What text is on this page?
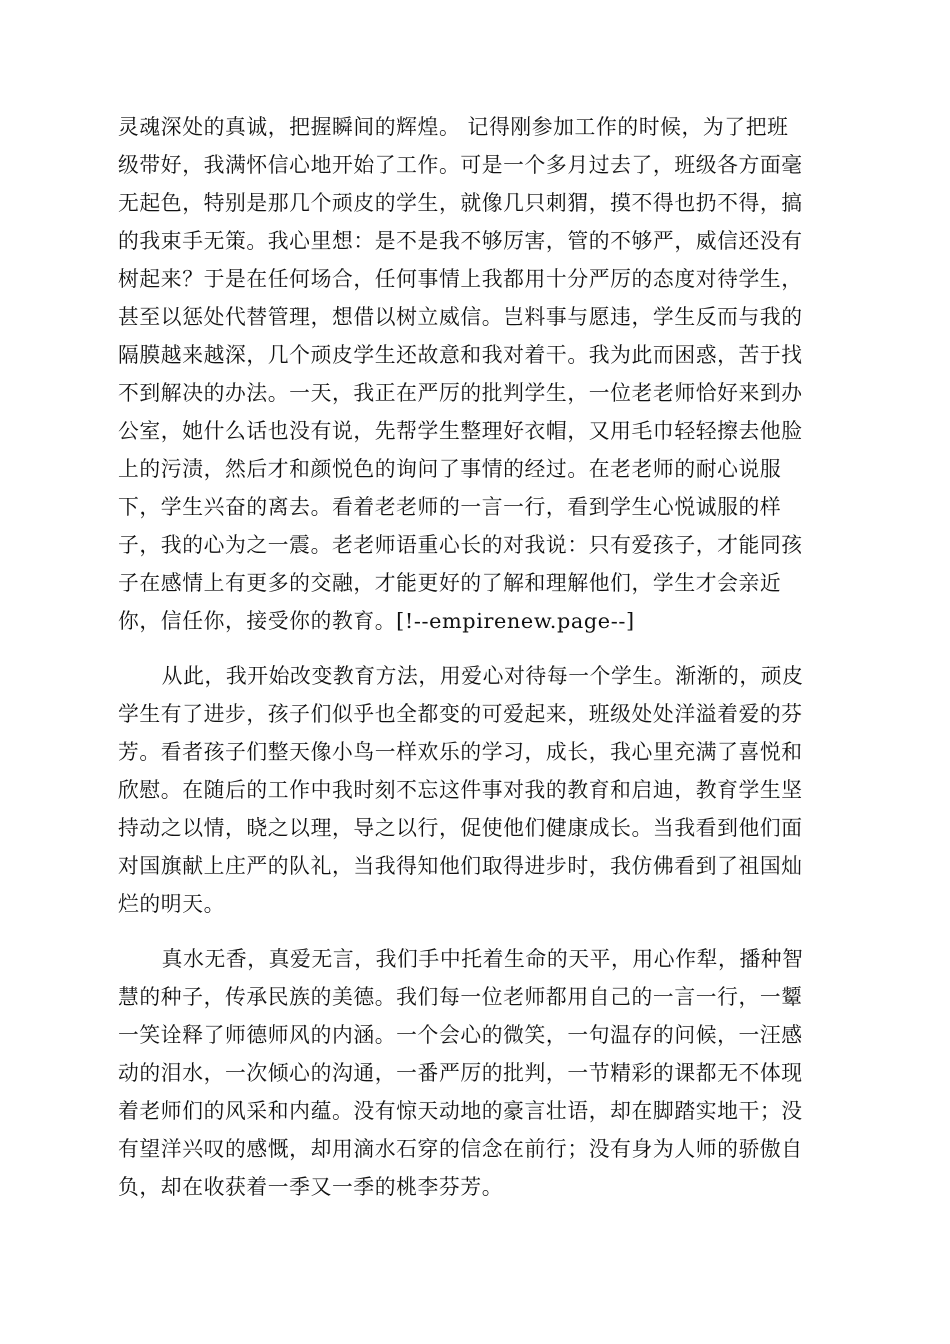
灵魂深处的真诚，把握瞬间的辉煌。 记得刚参加工作的时候，为了把班
级带好，我满怀信心地开始了工作。可是一个多月过去了，班级各方面毫
无起色，特别是那几个顽皮的学生，就像几只刺猬，摸不得也扔不得，搞
的我束手无策。我心里想：是不是我不够厉害，管的不够严，威信还没有
树起来？于是在任何场合，任何事情上我都用十分严厉的态度对待学生，
甚至以惩处代替管理，想借以树立威信。岂料事与愿违，学生反而与我的
隔膜越来越深，几个顽皮学生还故意和我对着干。我为此而困惑，苦于找
不到解决的办法。一天，我正在严厉的批判学生，一位老老师恰好来到办
公室，她什么话也没有说，先帮学生整理好衣帽，又用毛巾轻轻擦去他脸
上的污渍，然后才和颜悦色的询问了事情的经过。在老老师的耐心说服
下，学生兴奋的离去。看着老老师的一言一行，看到学生心悦诚服的样
子，我的心为之一震。老老师语重心长的对我说：只有爱孩子，才能同孩
子在感情上有更多的交融，才能更好的了解和理解他们，学生才会亲近
你，信任你，接受你的教育。[!--empirenew.page--]

从此，我开始改变教育方法，用爱心对待每一个学生。渐渐的，顽皮
学生有了进步，孩子们似乎也全都变的可爱起来，班级处处洋溢着爱的芬
芳。看者孩子们整天像小鸟一样欢乐的学习，成长，我心里充满了喜悦和
欣慰。在随后的工作中我时刻不忘这件事对我的教育和启迪，教育学生坚
持动之以情，晓之以理，导之以行，促使他们健康成长。当我看到他们面
对国旗献上庄严的队礼，当我得知他们取得进步时，我仿佛看到了祖国灿
烂的明天。

真水无香，真爱无言，我们手中托着生命的天平，用心作犁，播种智
慧的种子，传承民族的美德。我们每一位老师都用自己的一言一行，一颦
一笑诠释了师德师风的内涵。一个会心的微笑，一句温存的问候，一汪感
动的泪水，一次倾心的沟通，一番严厉的批判，一节精彩的课都无不体现
着老师们的风采和内蕴。没有惊天动地的豪言壮语，却在脚踏实地干；没
有望洋兴叹的感慨，却用滴水石穿的信念在前行；没有身为人师的骄傲自
负，却在收获着一季又一季的桃李芬芳。
